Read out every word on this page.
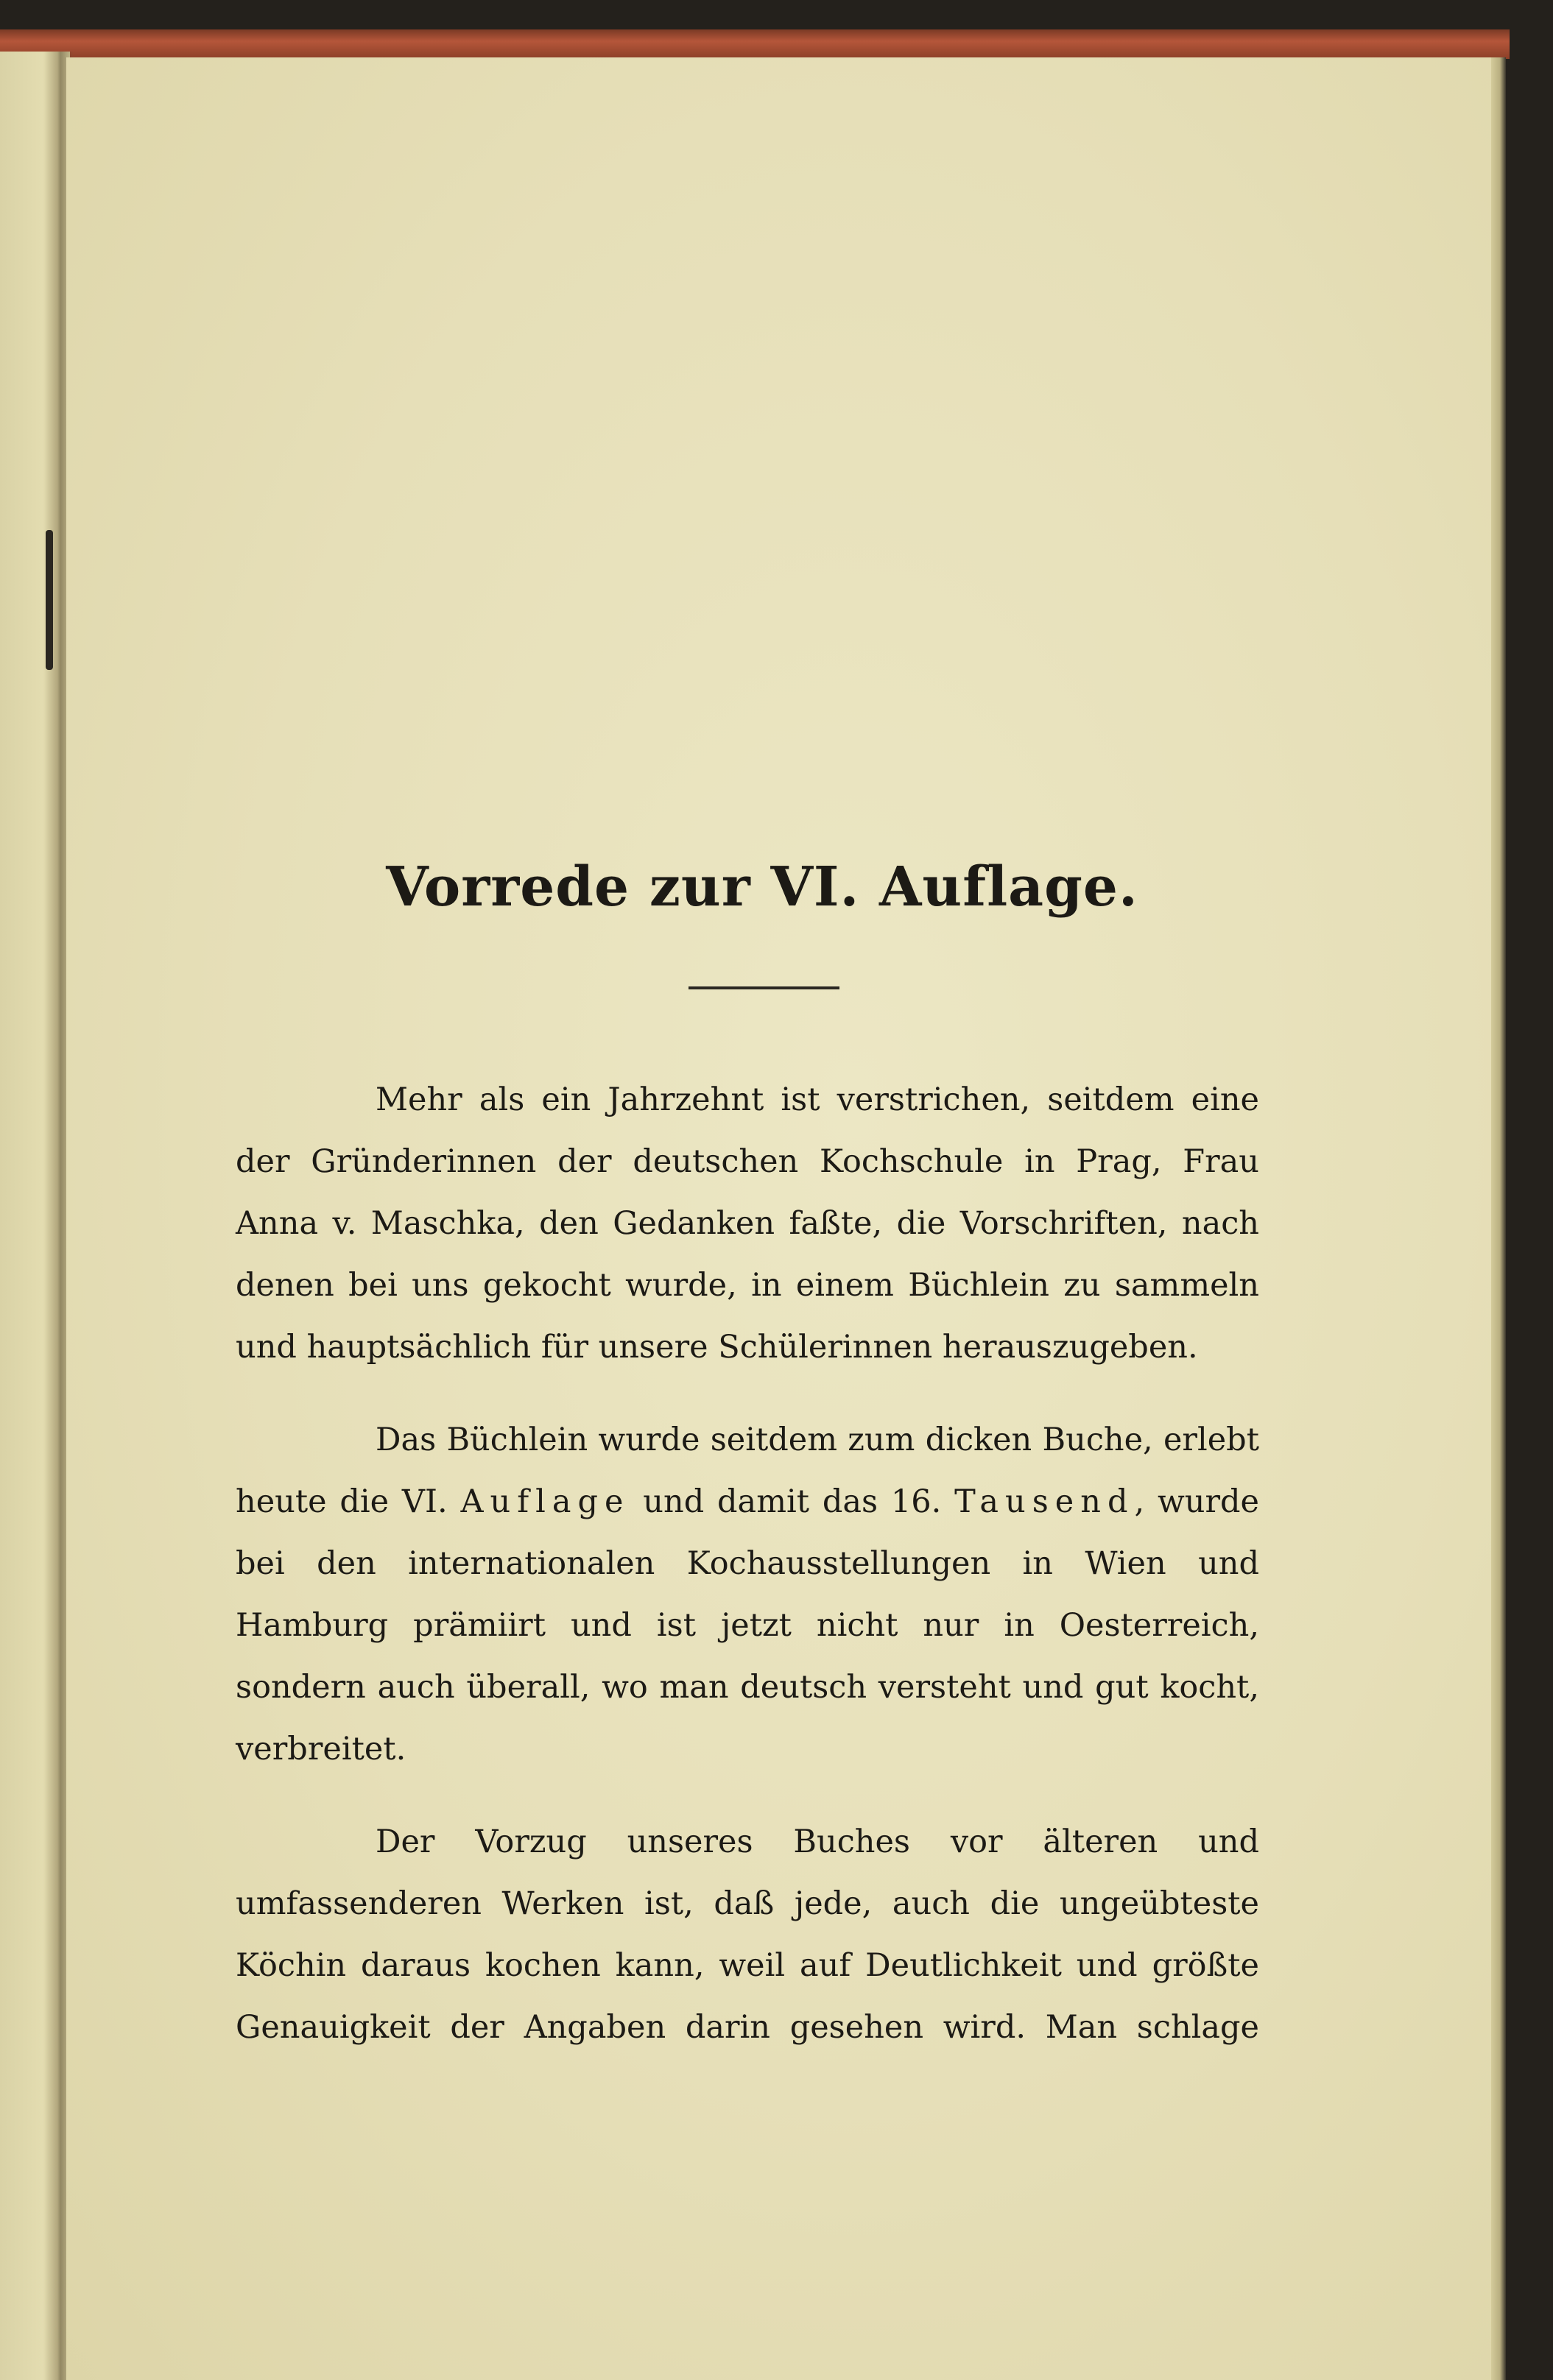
Vorrede zur VI. Auflage.

Mehr als ein Jahrzehnt ist verstrichen, seitdem eine der Gründerinnen der deutschen Kochschule in Prag, Frau Anna v. Maschka, den Gedanken faßte, die Vorschriften, nach denen bei uns gekocht wurde, in einem Büchlein zu sammeln und hauptsächlich für unsere Schülerinnen herauszugeben.

Das Büchlein wurde seitdem zum dicken Buche, erlebt heute die VI. Auflage und damit das 16. Tausend, wurde bei den internationalen Kochausstellungen in Wien und Hamburg prämiirt und ist jetzt nicht nur in Oesterreich, sondern auch überall, wo man deutsch versteht und gut kocht, verbreitet.

Der Vorzug unseres Buches vor älteren und umfassenderen Werken ist, daß jede, auch die ungeübteste Köchin daraus kochen kann, weil auf Deutlichkeit und größte Genauigkeit der Angaben darin gesehen wird. Man schlage
